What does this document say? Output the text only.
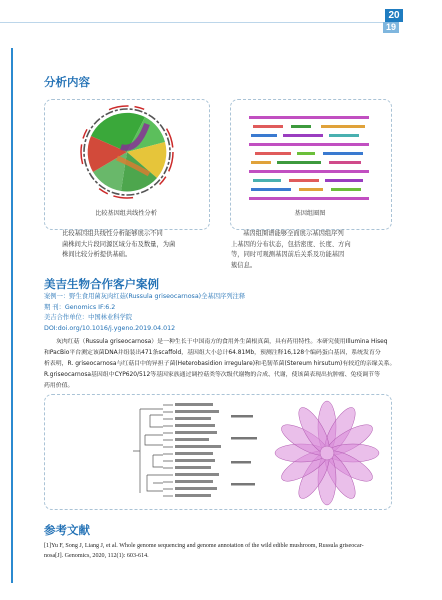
20
19
分析内容
比较基因组共线性分析	基因组圈图
比较基因组共线性分析能够展示不同
菌株间大片段同源区域分布及数量，为菌
株间比较分析提供基础。
基因组圈谱能够全面展示基因组序列
上基因的分布状态，包括密度、长度、方向
等，同时可观测基因前后关系及功能基因
簇信息。
美吉生物合作客户案例
案例一：野生食用菌灰肉红菇(Russula griseocarnosa)全基因序列注释
期 刊：Genomics IF:6.2
美吉合作单位：中国林业科学院
DOI:doi.org/10.1016/j.ygeno.2019.04.012
灰肉红菇（Russula griseocarnosa）是一种生长于中国南方的食用外生菌根真菌，具有药用特性。本研究使用Illumina Hiseq
和PacBio平台测定该菌DNA并组装出471条scaffold，基因组大小总计64.81Mb，预测注释16,128个编码蛋白基因，系统发育分
析表明，R. griseocarnosa与红菇目中的异担子菌(Heterobasidion irregulare)和毛韧革菌(Stereum hirsutum)有较近的亲缘关系。
R.griseocarnosa基因组中CYP620/512等基因家族通过调控菇类等次级代谢物的合成、代谢，使该菌表现出抗肿瘤、免疫调节等
药用价值。
参考文献
[1]Yu F, Song J, Liang J, et al. Whole genome sequencing and genome annotation of the wild edible mushroom, Russula griseocar-
nosa[J]. Genomics, 2020, 112(1): 603-614.
